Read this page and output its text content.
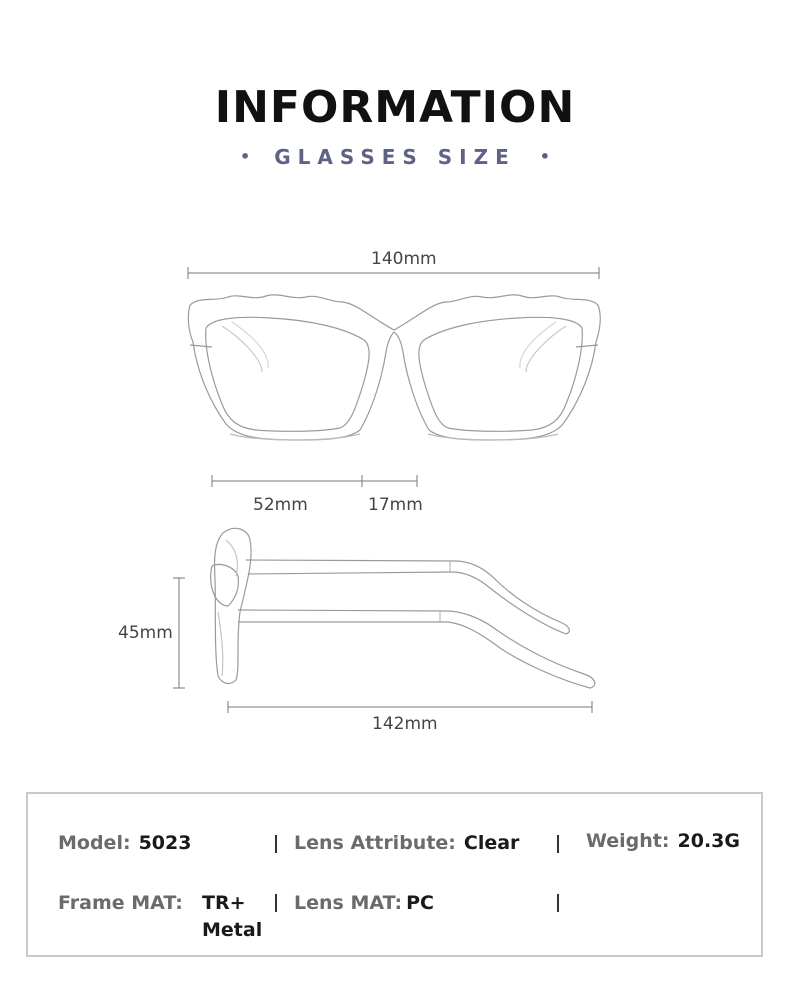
INFORMATION
• GLASSES SIZE •
140mm
52mm	17mm
45mm
142mm
Model: 5023	Lens Attribute: Clear	Weight: 20.3G
Frame MAT: TR+
Metal
Lens MAT: PC
